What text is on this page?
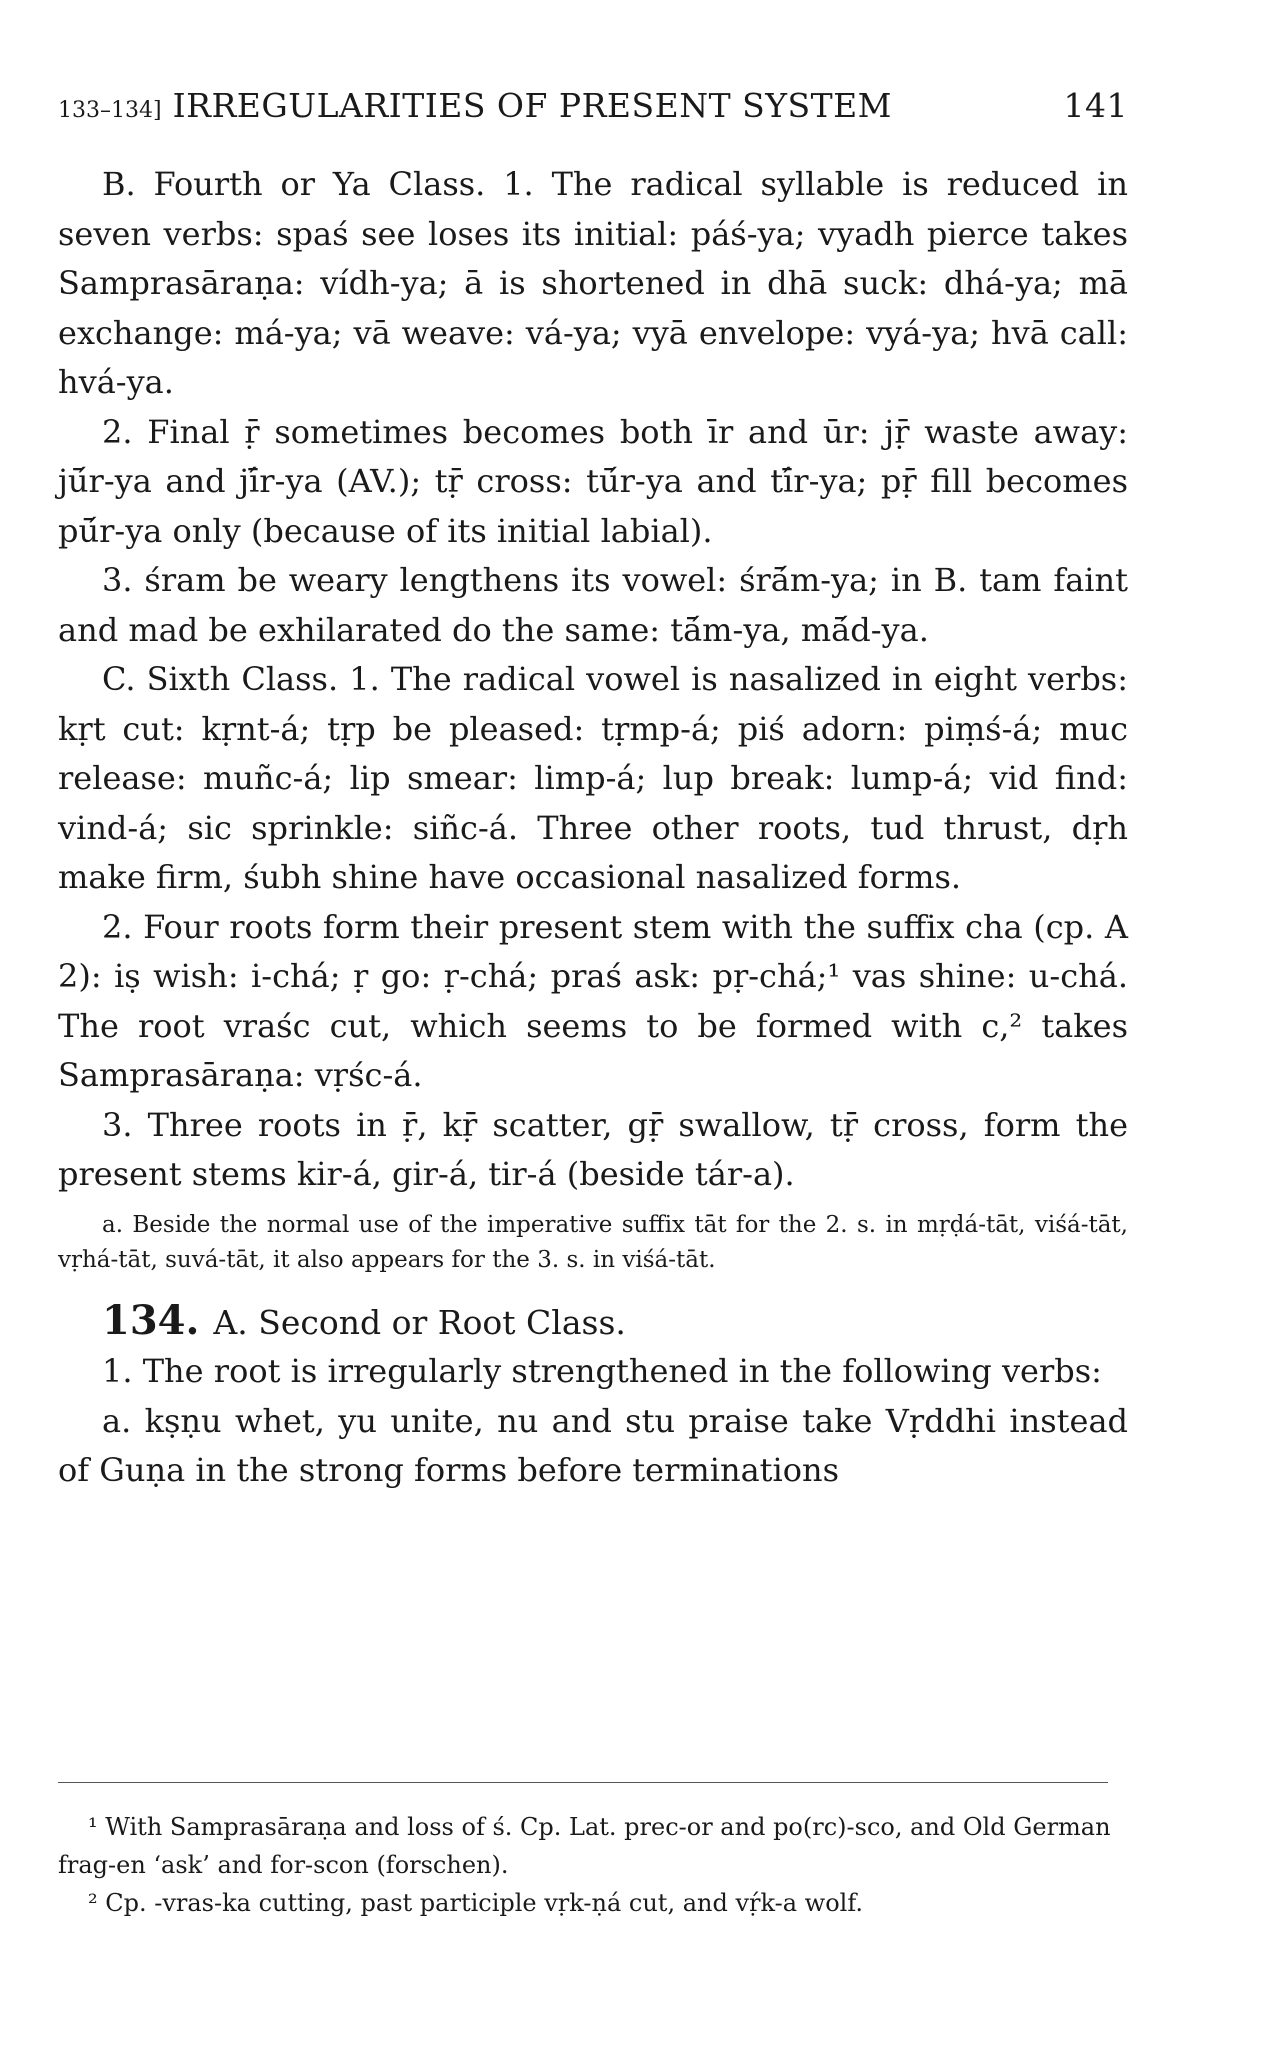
133–134] IRREGULARITIES OF PRESENT SYSTEM	141

B. Fourth or Ya Class. 1. The radical syllable is reduced in seven verbs: spaś see loses its initial: páś-ya; vyadh pierce takes Samprasāraṇa: vídh-ya; ā is shortened in dhā suck: dhá-ya; mā exchange: má-ya; vā weave: vá-ya; vyā envelope: vyá-ya; hvā call: hvá-ya.

2. Final ṝ sometimes becomes both īr and ūr: jṝ waste away: jū́r-ya and jī́r-ya (AV.); tṝ cross: tū́r-ya and tī́r-ya; pṝ fill becomes pū́r-ya only (because of its initial labial).

3. śram be weary lengthens its vowel: śrā́m-ya; in B. tam faint and mad be exhilarated do the same: tā́m-ya, mā́d-ya.

C. Sixth Class. 1. The radical vowel is nasalized in eight verbs: kṛt cut: kṛnt-á; tṛp be pleased: tṛmp-á; piś adorn: piṃś-á; muc release: muñc-á; lip smear: limp-á; lup break: lump-á; vid find: vind-á; sic sprinkle: siñc-á. Three other roots, tud thrust, dṛh make firm, śubh shine have occasional nasalized forms.

2. Four roots form their present stem with the suffix cha (cp. A 2): iṣ wish: i-chá; ṛ go: ṛ-chá; praś ask: pṛ-chá;¹ vas shine: u-chá. The root vraśc cut, which seems to be formed with c,² takes Samprasāraṇa: vṛśc-á.

3. Three roots in ṝ, kṝ scatter, gṝ swallow, tṝ cross, form the present stems kir-á, gir-á, tir-á (beside tár-a).

a. Beside the normal use of the imperative suffix tāt for the 2. s. in mṛḍá-tāt, viśá-tāt, vṛhá-tāt, suvá-tāt, it also appears for the 3. s. in viśá-tāt.

134. A. Second or Root Class.

1. The root is irregularly strengthened in the following verbs:

a. kṣṇu whet, yu unite, nu and stu praise take Vṛddhi instead of Guṇa in the strong forms before terminations

¹ With Samprasāraṇa and loss of ś. Cp. Lat. prec-or and po(rc)-sco, and Old German frag-en ‘ask’ and for-scon (forschen).

² Cp. -vras-ka cutting, past participle vṛk-ṇá cut, and vṛ́k-a wolf.
